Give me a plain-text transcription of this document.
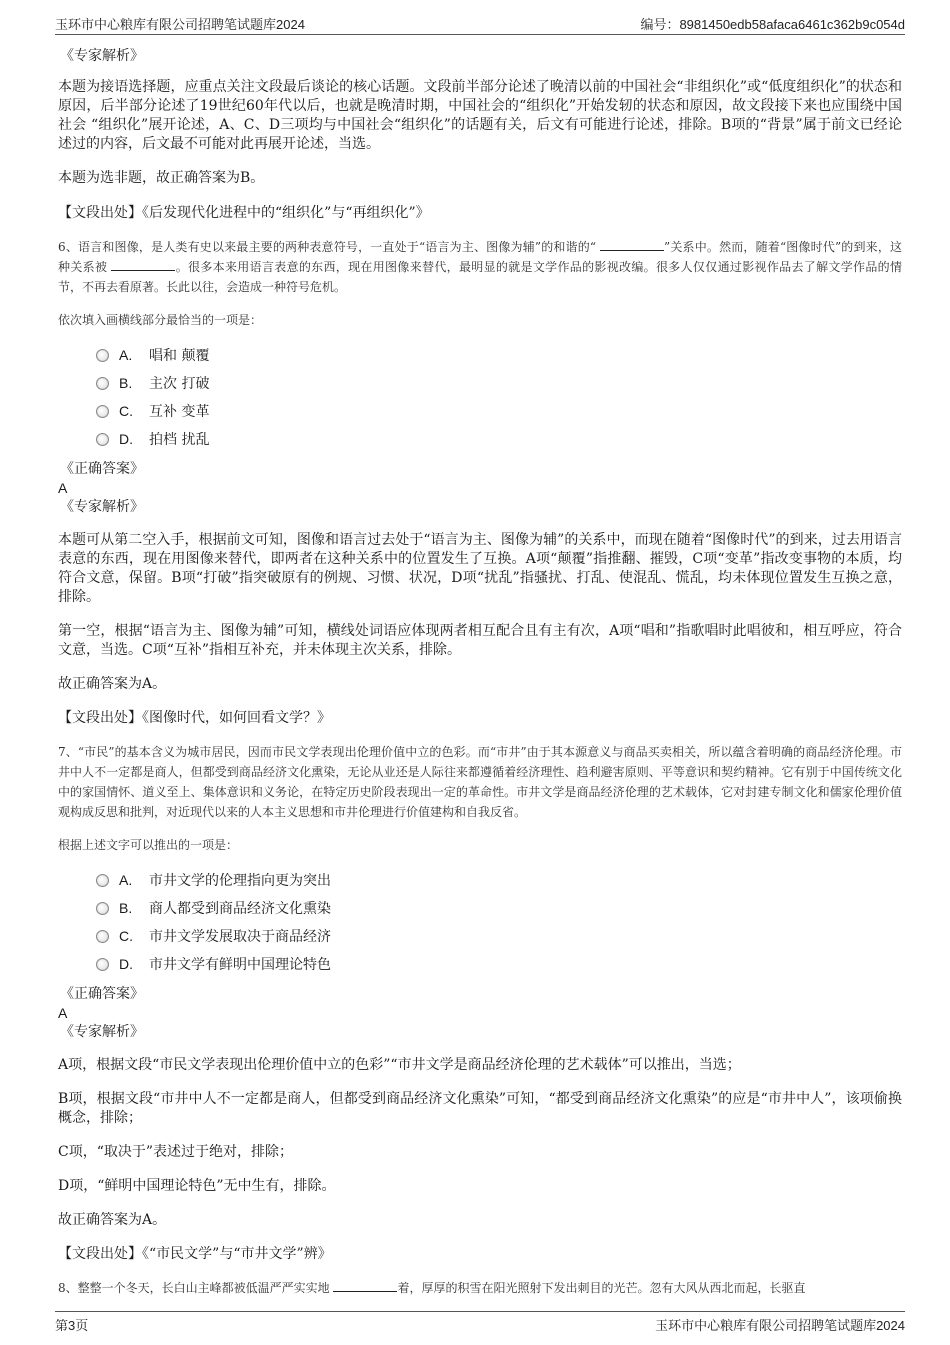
玉环市中心粮库有限公司招聘笔试题库2024	编号：8981450edb58afaca6461c362b9c054d

《专家解析》

本题为接语选择题，应重点关注文段最后谈论的核心话题。文段前半部分论述了晚清以前的中国社会“非组织化”或“低度组织化”的状态和原因，后半部分论述了19世纪60年代以后，也就是晚清时期，中国社会的“组织化”开始发轫的状态和原因，故文段接下来也应围绕中国社会 “组织化”展开论述，A、C、D三项均与中国社会“组织化”的话题有关，后文有可能进行论述，排除。B项的“背景”属于前文已经论述过的内容，后文最不可能对此再展开论述，当选。

本题为选非题，故正确答案为B。

【文段出处】《后发现代化进程中的“组织化”与“再组织化”》

6、语言和图像，是人类有史以来最主要的两种表意符号，一直处于“语言为主、图像为辅”的和谐的“	”关系中。然而，随着“图像时代”的到来，这种关系被	。很多本来用语言表意的东西，现在用图像来替代，最明显的就是文学作品的影视改编。很多人仅仅通过影视作品去了解文学作品的情节，不再去看原著。长此以往，会造成一种符号危机。

依次填入画横线部分最恰当的一项是：

A.	唱和 颠覆
B.	主次 打破
C.	互补 变革
D.	拍档 扰乱

《正确答案》

A

《专家解析》

本题可从第二空入手，根据前文可知，图像和语言过去处于“语言为主、图像为辅”的关系中，而现在随着“图像时代”的到来，过去用语言表意的东西，现在用图像来替代，即两者在这种关系中的位置发生了互换。A项“颠覆”指推翻、摧毁，C项“变革”指改变事物的本质，均符合文意，保留。B项“打破”指突破原有的例规、习惯、状况，D项“扰乱”指骚扰、打乱、使混乱、慌乱，均未体现位置发生互换之意，排除。

第一空，根据“语言为主、图像为辅”可知，横线处词语应体现两者相互配合且有主有次，A项“唱和”指歌唱时此唱彼和，相互呼应，符合文意，当选。C项“互补”指相互补充，并未体现主次关系，排除。

故正确答案为A。

【文段出处】《图像时代，如何回看文学？》

7、“市民”的基本含义为城市居民，因而市民文学表现出伦理价值中立的色彩。而“市井”由于其本源意义与商品买卖相关，所以蕴含着明确的商品经济伦理。市井中人不一定都是商人，但都受到商品经济文化熏染，无论从业还是人际往来都遵循着经济理性、趋利避害原则、平等意识和契约精神。它有别于中国传统文化中的家国情怀、道义至上、集体意识和义务论，在特定历史阶段表现出一定的革命性。市井文学是商品经济伦理的艺术载体，它对封建专制文化和儒家伦理价值观构成反思和批判，对近现代以来的人本主义思想和市井伦理进行价值建构和自我反省。

根据上述文字可以推出的一项是：

A.	市井文学的伦理指向更为突出
B.	商人都受到商品经济文化熏染
C.	市井文学发展取决于商品经济
D.	市井文学有鲜明中国理论特色

《正确答案》

A

《专家解析》

A项，根据文段“市民文学表现出伦理价值中立的色彩”“市井文学是商品经济伦理的艺术载体”可以推出，当选；

B项，根据文段“市井中人不一定都是商人，但都受到商品经济文化熏染”可知，“都受到商品经济文化熏染”的应是“市井中人”，该项偷换概念，排除；

C项，“取决于”表述过于绝对，排除；

D项，“鲜明中国理论特色”无中生有，排除。

故正确答案为A。

【文段出处】《“市民文学”与“市井文学”辨》

8、整整一个冬天，长白山主峰都被低温严严实实地	着，厚厚的积雪在阳光照射下发出刺目的光芒。忽有大风从西北而起，长驱直

第3页	玉环市中心粮库有限公司招聘笔试题库2024
